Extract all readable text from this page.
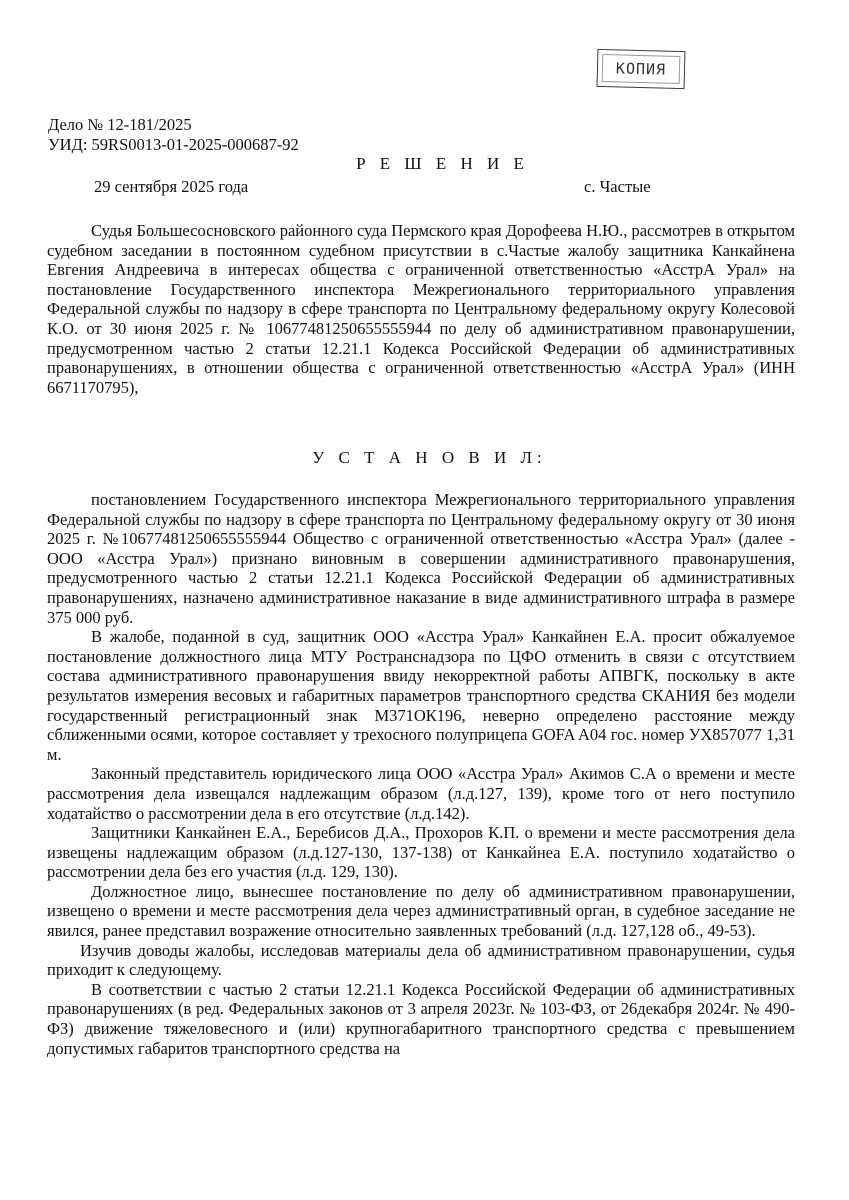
КОПИЯ
Дело № 12-181/2025
УИД: 59RS0013-01-2025-000687-92
Р Е Ш Е Н И Е
29 сентября 2025 года	с. Частые

Судья Большесосновского районного суда Пермского края Дорофеева Н.Ю., рассмотрев в открытом судебном заседании в постоянном судебном присутствии в с.Частые жалобу защитника Канкайнена Евгения Андреевича в интересах общества с ограниченной ответственностью «АсстрА Урал» на постановление Государственного инспектора Межрегионального территориального управления Федеральной службы по надзору в сфере транспорта по Центральному федеральному округу Колесовой К.О. от 30 июня 2025 г. № 10677481250655555944 по делу об административном правонарушении, предусмотренном частью 2 статьи 12.21.1 Кодекса Российской Федерации об административных правонарушениях, в отношении общества с ограниченной ответственностью «АсстрА Урал» (ИНН 6671170795),

У С Т А Н О В И Л:

постановлением Государственного инспектора Межрегионального территориального управления Федеральной службы по надзору в сфере транспорта по Центральному федеральному округу от 30 июня 2025 г. №10677481250655555944 Общество с ограниченной ответственностью «Асстра Урал» (далее - ООО «Асстра Урал») признано виновным в совершении административного правонарушения, предусмотренного частью 2 статьи 12.21.1 Кодекса Российской Федерации об административных правонарушениях, назначено административное наказание в виде административного штрафа в размере 375 000 руб.

В жалобе, поданной в суд, защитник ООО «Асстра Урал» Канкайнен Е.А. просит обжалуемое постановление должностного лица МТУ Ространснадзора по ЦФО отменить в связи с отсутствием состава административного правонарушения ввиду некорректной работы АПВГК, поскольку в акте результатов измерения весовых и габаритных параметров транспортного средства СКАНИЯ без модели государственный регистрационный знак М371ОК196, неверно определено расстояние между сближенными осями, которое составляет у трехосного полуприцепа GOFA A04 гос. номер УХ857077 1,31 м.

Законный представитель юридического лица ООО «Асстра Урал» Акимов С.А о времени и месте рассмотрения дела извещался надлежащим образом (л.д.127, 139), кроме того от него поступило ходатайство о рассмотрении дела в его отсутствие (л.д.142).

Защитники Канкайнен Е.А., Беребисов Д.А., Прохоров К.П. о времени и месте рассмотрения дела извещены надлежащим образом (л.д.127-130, 137-138) от Канкайнеа Е.А. поступило ходатайство о рассмотрении дела без его участия (л.д. 129, 130).

Должностное лицо, вынесшее постановление по делу об административном правонарушении, извещено о времени и месте рассмотрения дела через административный орган, в судебное заседание не явился, ранее представил возражение относительно заявленных требований (л.д. 127,128 об., 49-53).

Изучив доводы жалобы, исследовав материалы дела об административном правонарушении, судья приходит к следующему.

В соответствии с частью 2 статьи 12.21.1 Кодекса Российской Федерации об административных правонарушениях (в ред. Федеральных законов от 3 апреля 2023г. № 103-ФЗ, от 26декабря 2024г. № 490-ФЗ) движение тяжеловесного и (или) крупногабаритного транспортного средства с превышением допустимых габаритов транспортного средства на
